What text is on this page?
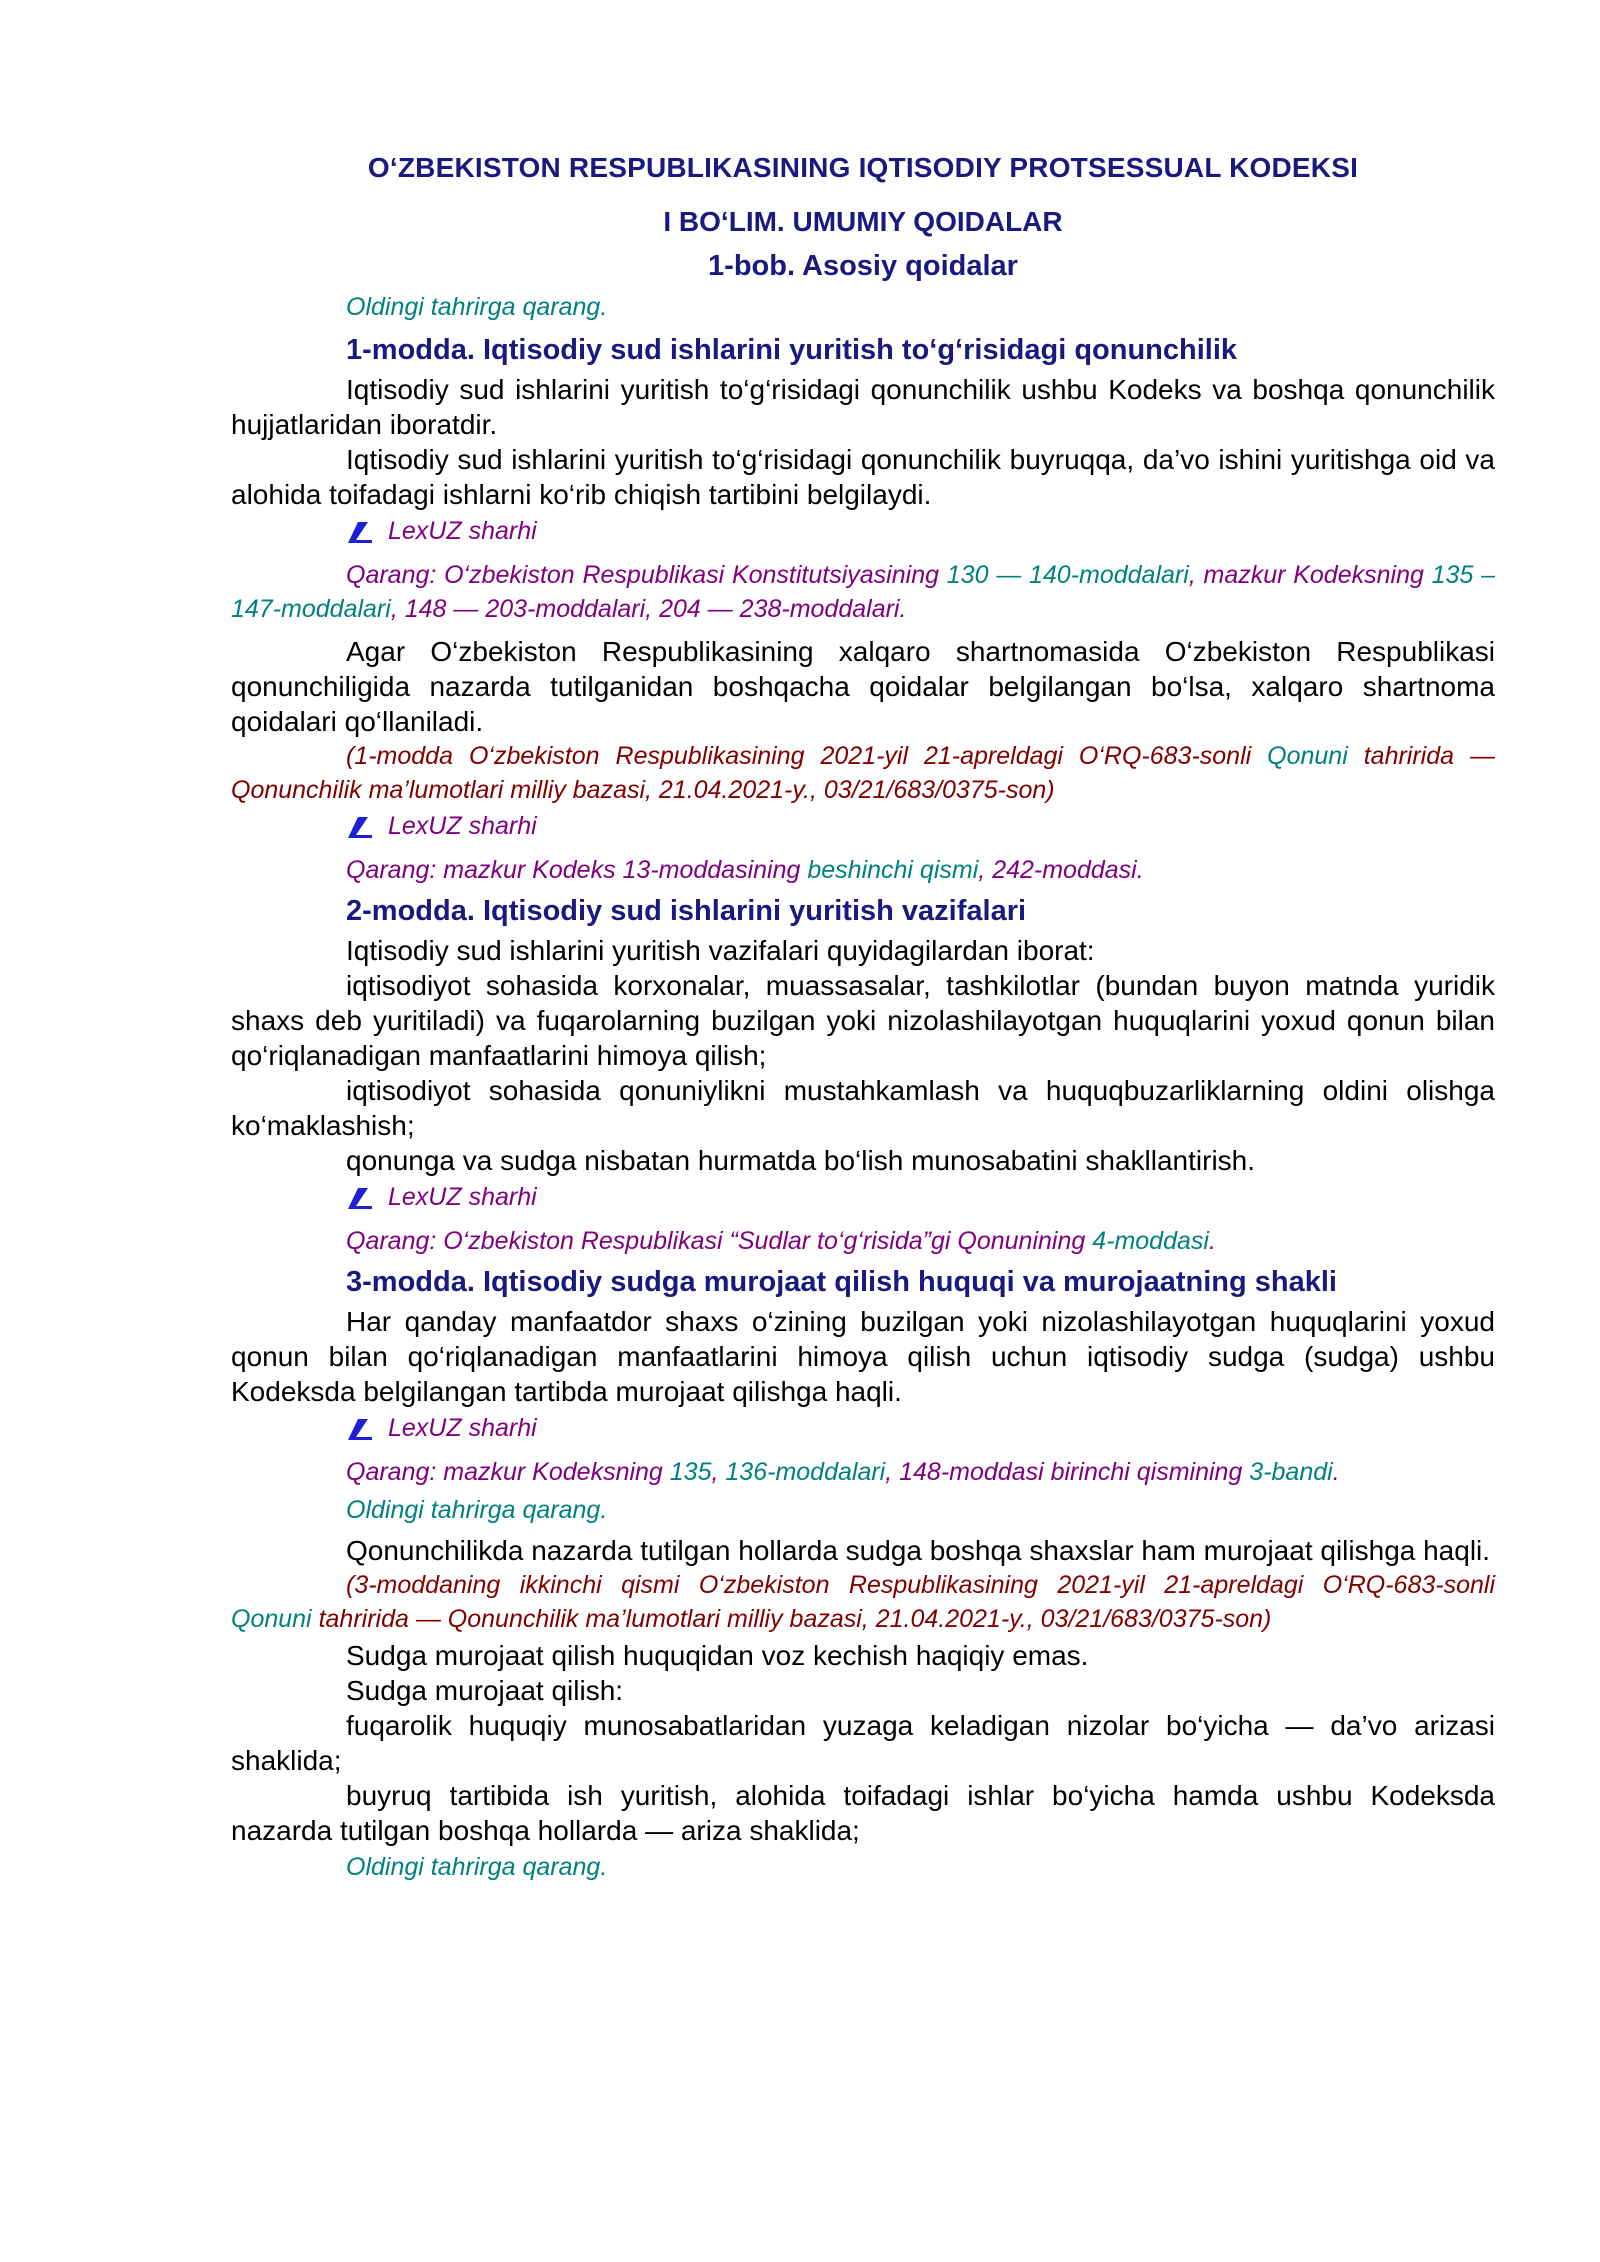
O‘ZBEKISTON RESPUBLIKASINING IQTISODIY PROTSESSUAL KODEKSI
I BO‘LIM. UMUMIY QOIDALAR
1-bob. Asosiy qoidalar
Oldingi tahrirga qarang.
1-modda. Iqtisodiy sud ishlarini yuritish to‘g‘risidagi qonunchilik

Iqtisodiy sud ishlarini yuritish to‘g‘risidagi qonunchilik ushbu Kodeks va boshqa qonunchilik hujjatlaridan iboratdir.

Iqtisodiy sud ishlarini yuritish to‘g‘risidagi qonunchilik buyruqqa, da’vo ishini yuritishga oid va alohida toifadagi ishlarni ko‘rib chiqish tartibini belgilaydi.

LexUZ sharhi

Qarang: O‘zbekiston Respublikasi Konstitutsiyasining 130 — 140-moddalari, mazkur Kodeksning 135 – 147-moddalari, 148 — 203-moddalari, 204 — 238-moddalari.

Agar O‘zbekiston Respublikasining xalqaro shartnomasida O‘zbekiston Respublikasi qonunchiligida nazarda tutilganidan boshqacha qoidalar belgilangan bo‘lsa, xalqaro shartnoma qoidalari qo‘llaniladi.

(1-modda O‘zbekiston Respublikasining 2021-yil 21-apreldagi O‘RQ-683-sonli Qonuni tahririda — Qonunchilik ma’lumotlari milliy bazasi, 21.04.2021-y., 03/21/683/0375-son)

LexUZ sharhi

Qarang: mazkur Kodeks 13-moddasining beshinchi qismi, 242-moddasi.

2-modda. Iqtisodiy sud ishlarini yuritish vazifalari

Iqtisodiy sud ishlarini yuritish vazifalari quyidagilardan iborat:

iqtisodiyot sohasida korxonalar, muassasalar, tashkilotlar (bundan buyon matnda yuridik shaxs deb yuritiladi) va fuqarolarning buzilgan yoki nizolashilayotgan huquqlarini yoxud qonun bilan qo‘riqlanadigan manfaatlarini himoya qilish;

iqtisodiyot sohasida qonuniylikni mustahkamlash va huquqbuzarliklarning oldini olishga ko‘maklashish;

qonunga va sudga nisbatan hurmatda bo‘lish munosabatini shakllantirish.

LexUZ sharhi

Qarang: O‘zbekiston Respublikasi “Sudlar to‘g‘risida”gi Qonunining 4-moddasi.

3-modda. Iqtisodiy sudga murojaat qilish huquqi va murojaatning shakli

Har qanday manfaatdor shaxs o‘zining buzilgan yoki nizolashilayotgan huquqlarini yoxud qonun bilan qo‘riqlanadigan manfaatlarini himoya qilish uchun iqtisodiy sudga (sudga) ushbu Kodeksda belgilangan tartibda murojaat qilishga haqli.

LexUZ sharhi

Qarang: mazkur Kodeksning 135, 136-moddalari, 148-moddasi birinchi qismining 3-bandi.

Oldingi tahrirga qarang.

Qonunchilikda nazarda tutilgan hollarda sudga boshqa shaxslar ham murojaat qilishga haqli.

(3-moddaning ikkinchi qismi O‘zbekiston Respublikasining 2021-yil 21-apreldagi O‘RQ-683-sonli Qonuni tahririda — Qonunchilik ma’lumotlari milliy bazasi, 21.04.2021-y., 03/21/683/0375-son)

Sudga murojaat qilish huquqidan voz kechish haqiqiy emas.

Sudga murojaat qilish:

fuqarolik huquqiy munosabatlaridan yuzaga keladigan nizolar bo‘yicha — da’vo arizasi shaklida;

buyruq tartibida ish yuritish, alohida toifadagi ishlar bo‘yicha hamda ushbu Kodeksda nazarda tutilgan boshqa hollarda — ariza shaklida;

Oldingi tahrirga qarang.
